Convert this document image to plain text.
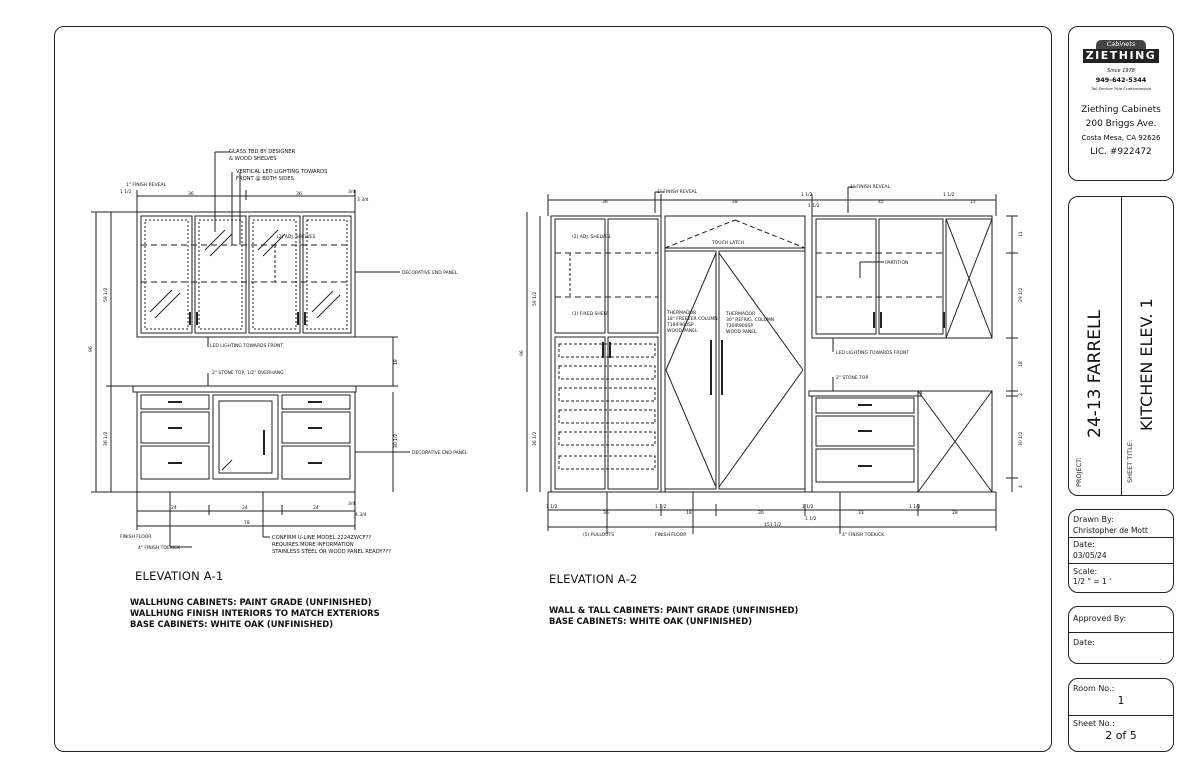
GLASS TBD BY DESIGNER
& WOOD SHELVES
VERTICAL LED LIGHTING TOWARDS
FRONT @ BOTH SIDES
1" FINISH REVEAL
(2) ADJ. SHELVES
DECORATIVE END PANEL
LED LIGHTING TOWARDS FRONT
2" STONE TOP, 1/2" OVERHANG
DECORATIVE END PANEL
FINISH FLOOR
4" FINISH TOEKICK
CONFIRM U-LINE MODEL 2224ZWCF??
REQUIRES MORE INFORMATION
STAINLESS STEEL OR WOOD PANEL READY???
1 1/2	36	36	3/4
3 3/4
96
59 1/2
36 1/2
18
30 1/2
24	24	24
3/4
4 3/4
78
1" FINISH REVEAL
1" FINISH REVEAL
TOUCH LATCH
(2) ADJ. SHELVES
(1) FIXED SHELF	THERMADOR
18" FREEZER COLUMN
T18IF900SP
WOOD PANEL
THERMADOR
30" REFRIG. COLUMN
T30IR900SP
WOOD PANEL
PARTITION
LED LIGHTING TOWARDS FRONT
2" STONE TOP
(5) PULLOUTS	FINISH FLOOR	4" FINISH TOEKICK
36	48
1 1/2
1 1/2
45
1 1/2
15
96
59 1/2
36 1/2
11
29 1/2
18
2
30 1/2
4
1 1/2
36
1 1/2
18	30
1 1/2
33
1 1/2
28
1 1/2
151 1/2
ELEVATION A-1
WALLHUNG CABINETS: PAINT GRADE (UNFINISHED)
WALLHUNG FINISH INTERIORS TO MATCH EXTERIORS
BASE CABINETS: WHITE OAK (UNFINISHED)
ELEVATION A-2
WALL & TALL CABINETS: PAINT GRADE (UNFINISHED)
BASE CABINETS: WHITE OAK (UNFINISHED)
Cabinets
ZIETHING
Since 1978
949-642-5344
Tall Service True Craftsmanship
Ziething Cabinets
200 Briggs Ave.
Costa Mesa, CA 92626
LIC. #922472
PROJECT:
24-13 FARRELL
SHEET TITLE:
KITCHEN ELEV. 1
Drawn By:
Christopher de Mott
Date:
03/05/24
Scale:
1/2 " = 1 '
Approved By:
Date:
Room No.:
1
Sheet No.:
2 of 5
